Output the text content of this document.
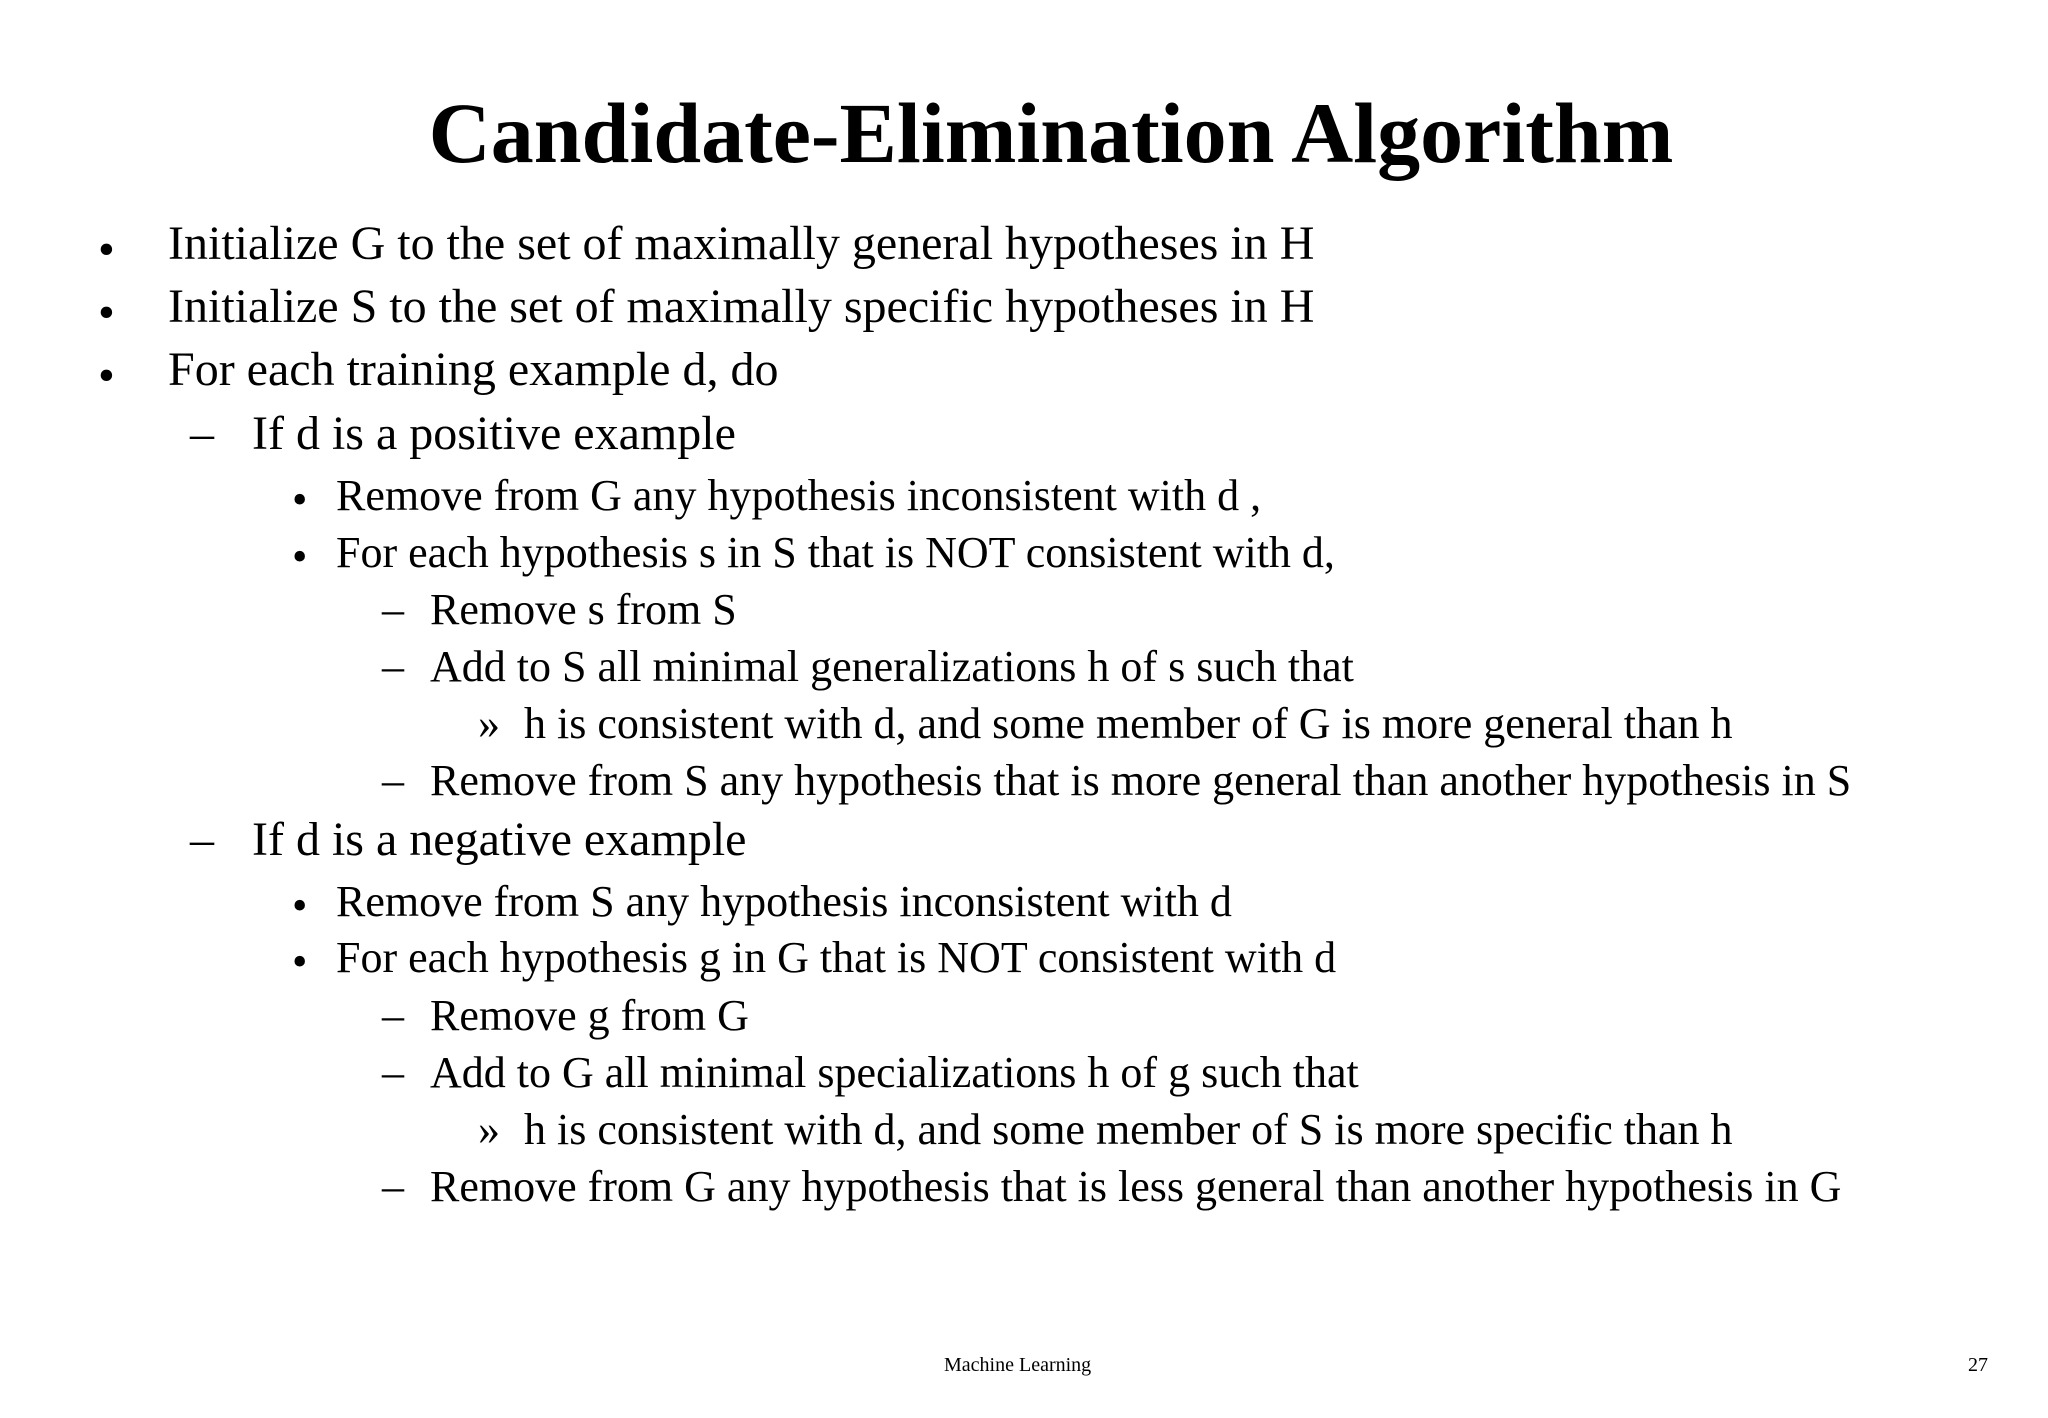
Candidate-Elimination Algorithm
• Initialize G to the set of maximally general hypotheses in H
• Initialize S to the set of maximally specific hypotheses in H
• For each training example d, do
– If d is a positive example
• Remove from G any hypothesis inconsistent with d ,
• For each hypothesis s in S that is NOT consistent with d,
– Remove s from S
– Add to S all minimal generalizations h of s such that
» h is consistent with d, and some member of G is more general than h
– Remove from S any hypothesis that is more general than another hypothesis in S
– If d is a negative example
• Remove from S any hypothesis inconsistent with d
• For each hypothesis g in G that is NOT consistent with d
– Remove g from G
– Add to G all minimal specializations h of g such that
» h is consistent with d, and some member of S is more specific than h
– Remove from G any hypothesis that is less general than another hypothesis in G
Machine Learning	27
